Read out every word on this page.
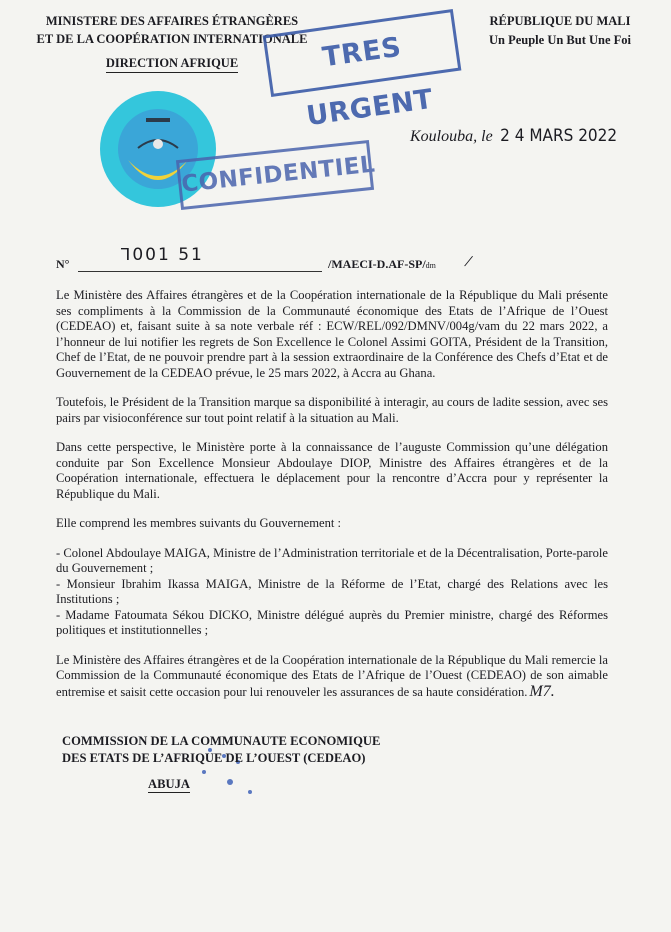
MINISTERE DES AFFAIRES ÉTRANGÈRES
ET DE LA COOPÉRATION INTERNATIONALE
DIRECTION AFRIQUE
RÉPUBLIQUE DU MALI
Un Peuple Un But Une Foi
TRES URGENT
CONFIDENTIEL
Koulouba, le 2 4 MARS 2022
N°	ᒣ001 51	/MAECI-D.AF-SP/dm /

Le Ministère des Affaires étrangères et de la Coopération internationale de la République du Mali présente ses compliments à la Commission de la Communauté économique des Etats de l’Afrique de l’Ouest (CEDEAO) et, faisant suite à sa note verbale réf : ECW/REL/092/DMNV/004g/vam du 22 mars 2022, a l’honneur de lui notifier les regrets de Son Excellence le Colonel Assimi GOITA, Président de la Transition, Chef de l’Etat, de ne pouvoir prendre part à la session extraordinaire de la Conférence des Chefs d’Etat et de Gouvernement de la CEDEAO prévue, le 25 mars 2022, à Accra au Ghana.

Toutefois, le Président de la Transition marque sa disponibilité à interagir, au cours de ladite session, avec ses pairs par visioconférence sur tout point relatif à la situation au Mali.

Dans cette perspective, le Ministère porte à la connaissance de l’auguste Commission qu’une délégation conduite par Son Excellence Monsieur Abdoulaye DIOP, Ministre des Affaires étrangères et de la Coopération internationale, effectuera le déplacement pour la rencontre d’Accra pour y représenter la République du Mali.

Elle comprend les membres suivants du Gouvernement :

- Colonel Abdoulaye MAIGA, Ministre de l’Administration territoriale et de la Décentralisation, Porte-parole du Gouvernement ;

- Monsieur Ibrahim Ikassa MAIGA, Ministre de la Réforme de l’Etat, chargé des Relations avec les Institutions ;

- Madame Fatoumata Sékou DICKO, Ministre délégué auprès du Premier ministre, chargé des Réformes politiques et institutionnelles ;

Le Ministère des Affaires étrangères et de la Coopération internationale de la République du Mali remercie la Commission de la Communauté économique des Etats de l’Afrique de l’Ouest (CEDEAO) de son aimable entremise et saisit cette occasion pour lui renouveler les assurances de sa haute considération. M7.

COMMISSION DE LA COMMUNAUTE ECONOMIQUE
DES ETATS DE L’AFRIQUE DE L’OUEST (CEDEAO)
ABUJA
